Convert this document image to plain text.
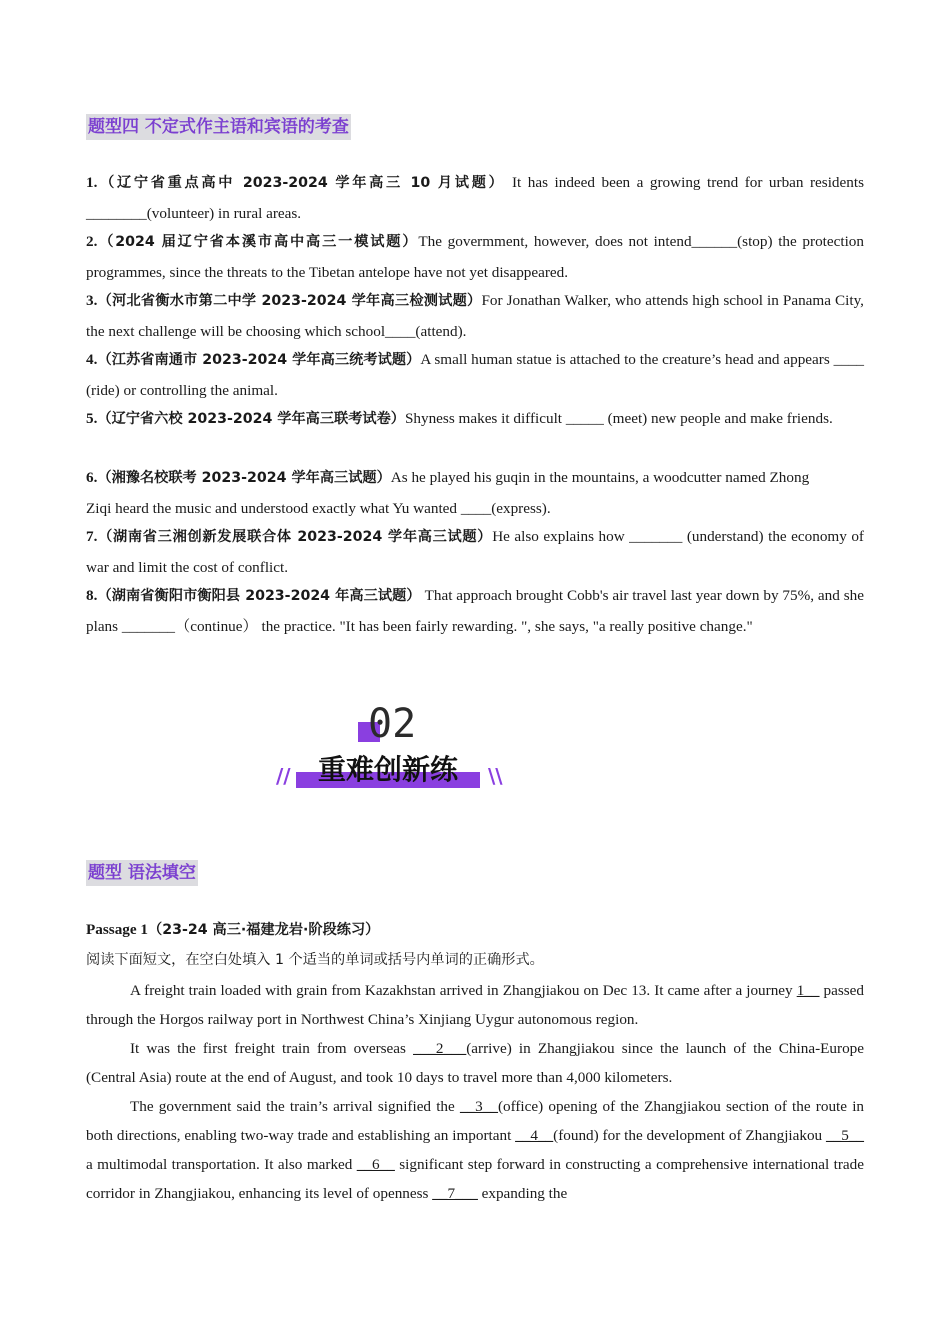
题型四 不定式作主语和宾语的考查
1.（辽宁省重点高中 2023-2024 学年高三 10 月试题） It has indeed been a growing trend for urban residents ________(volunteer) in rural areas.
2.（2024 届辽宁省本溪市高中高三一模试题）The govermment, however, does not intend______(stop) the protection programmes, since the threats to the Tibetan antelope have not yet disappeared.
3.（河北省衡水市第二中学 2023-2024 学年高三检测试题）For Jonathan Walker, who attends high school in Panama City, the next challenge will be choosing which school____(attend).
4.（江苏省南通市 2023-2024 学年高三统考试题）A small human statue is attached to the creature’s head and appears ____ (ride) or controlling the animal.
5.（辽宁省六校 2023-2024 学年高三联考试卷）Shyness makes it difficult _____ (meet) new people and make friends.
6.（湘豫名校联考 2023-2024 学年高三试题）As he played his guqin in the mountains, a woodcutter named Zhong Ziqi heard the music and understood exactly what Yu wanted ____(express).
7.（湖南省三湘创新发展联合体 2023-2024 学年高三试题）He also explains how _______ (understand) the economy of war and limit the cost of conflict.
8.（湖南省衡阳市衡阳县 2023-2024 年高三试题） That approach brought Cobb's air travel last year down by 75%, and she plans _______（continue） the practice. "It has been fairly rewarding. ", she says, "a really positive change."
题型 语法填空
Passage 1（23-24 高三·福建龙岩·阶段练习）
阅读下面短文，在空白处填入 1 个适当的单词或括号内单词的正确形式。
A freight train loaded with grain from Kazakhstan arrived in Zhangjiakou on Dec 13. It came after a journey 1__ passed through the Horgos railway port in Northwest China’s Xinjiang Uygur autonomous region.
It was the first freight train from overseas ___2___(arrive) in Zhangjiakou since the launch of the China-Europe (Central Asia) route at the end of August, and took 10 days to travel more than 4,000 kilometers.
The government said the train’s arrival signified the __3__(office) opening of the Zhangjiakou section of the route in both directions, enabling two-way trade and establishing an important __4__(found) for the development of Zhangjiakou __5__ a multimodal transportation. It also marked __6__ significant step forward in constructing a comprehensive international trade corridor in Zhangjiakou, enhancing its level of openness __7___ expanding the
02
重难创新练
//	\\
